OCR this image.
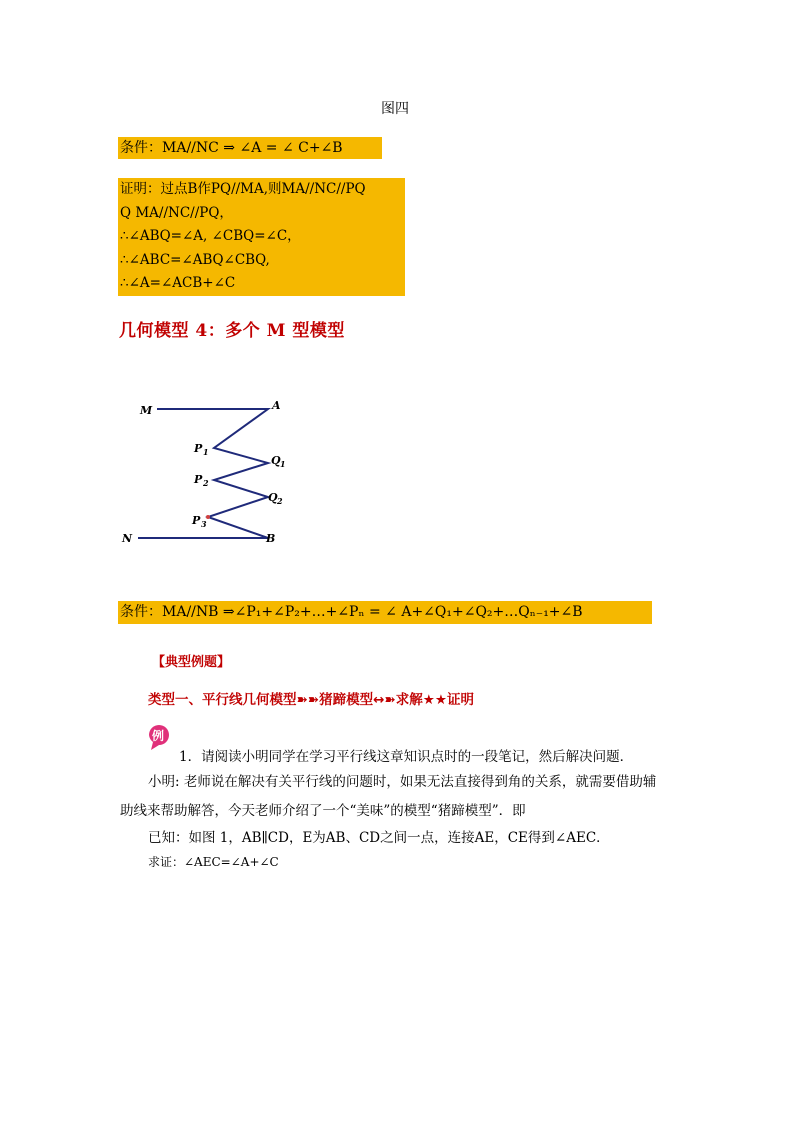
图四
条件：MA//NC ⇒ ∠A = ∠ C+∠B
证明：过点B作PQ//MA,则MA//NC//PQ
Q MA//NC//PQ，
∴∠ABQ=∠A, ∠CBQ=∠C，
∴∠ABC=∠ABQ∠CBQ,
∴∠A=∠ACB+∠C
几何模型 4：多个 M 型模型
M	A
P 1
Q 1
P 2
Q 2
P 3
N	B
条件：MA//NB ⇒∠P₁+∠P₂+…+∠Pₙ = ∠ A+∠Q₁+∠Q₂+…Qₙ₋₁+∠B
【典型例题】
类型一、平行线几何模型➽➽猪蹄模型↔➽求解★★证明
例
1．请阅读小明同学在学习平行线这章知识点时的一段笔记，然后解决问题．
小明: 老师说在解决有关平行线的问题时，如果无法直接得到角的关系，就需要借助辅
助线来帮助解答，今天老师介绍了一个“美味”的模型“猪蹄模型”．即
已知：如图 1，AB∥CD，E为AB、CD之间一点，连接AE，CE得到∠AEC．
求证：∠AEC=∠A+∠C
